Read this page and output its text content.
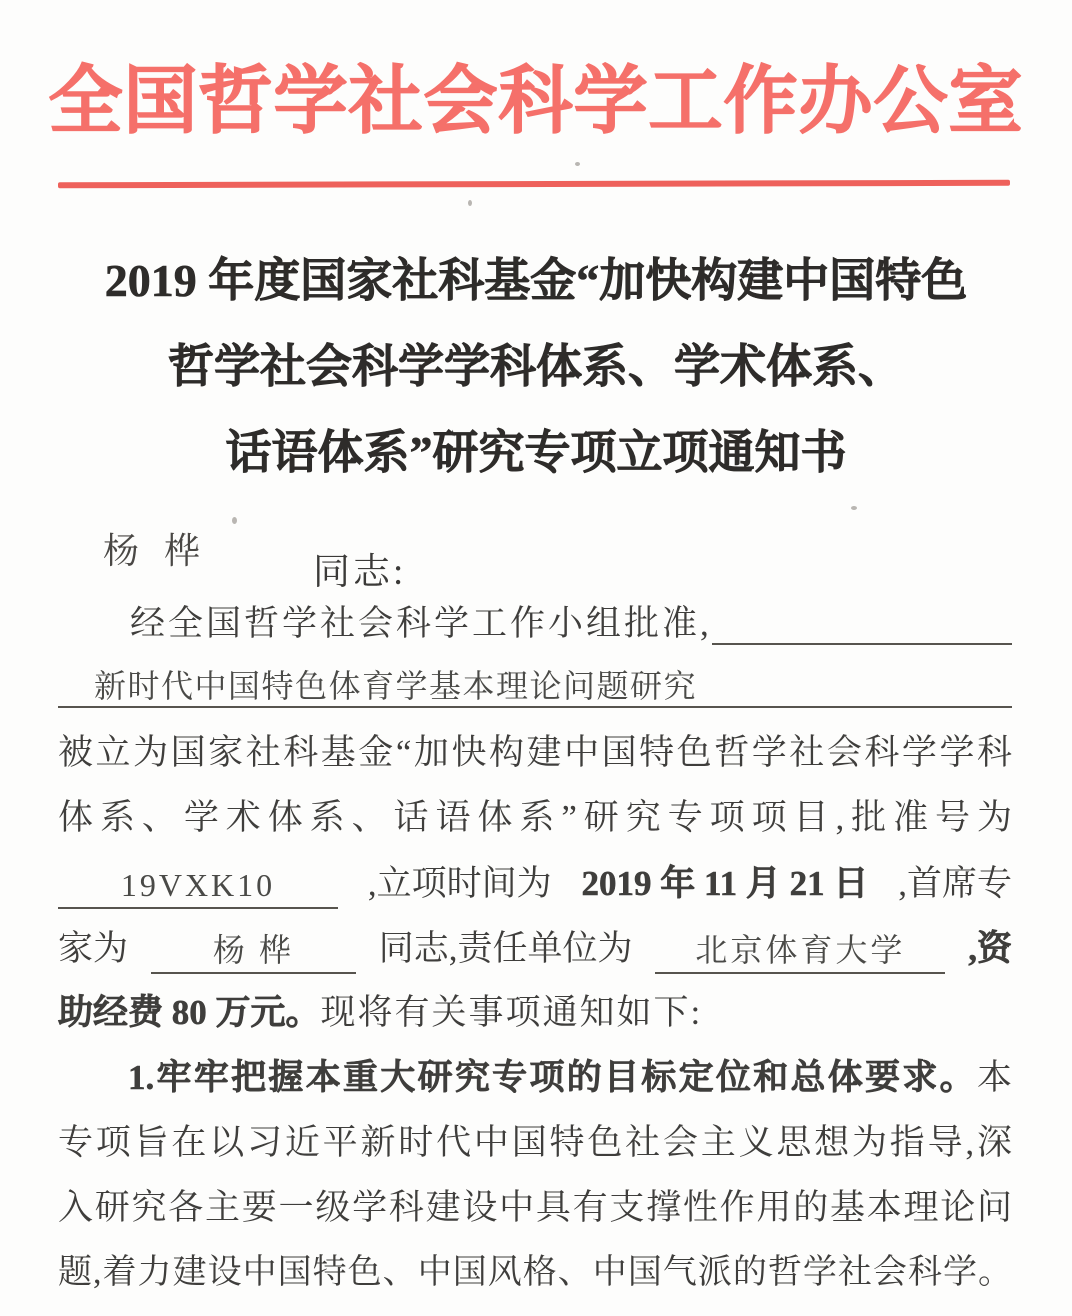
全国哲学社会科学工作办公室
2019 年度国家社科基金“加快构建中国特色
哲学社会科学学科体系、学术体系、
话语体系”研究专项立项通知书
杨 桦
同志:
经全国哲学社会科学工作小组批准,
新时代中国特色体育学基本理论问题研究
被立为国家社科基金“加快构建中国特色哲学社会科学学科
体系、学术体系、话语体系”研究专项项目,批准号为
19VXK10	,立项时间为 2019 年 11 月 21 日 ,首席专
家为	杨 桦 同志,责任单位为 北京体育大学 ,资
助经费 80 万元。现将有关事项通知如下:
1.牢牢把握本重大研究专项的目标定位和总体要求。本
专项旨在以习近平新时代中国特色社会主义思想为指导,深
入研究各主要一级学科建设中具有支撑性作用的基本理论问
题,着力建设中国特色、中国风格、中国气派的哲学社会科学。
